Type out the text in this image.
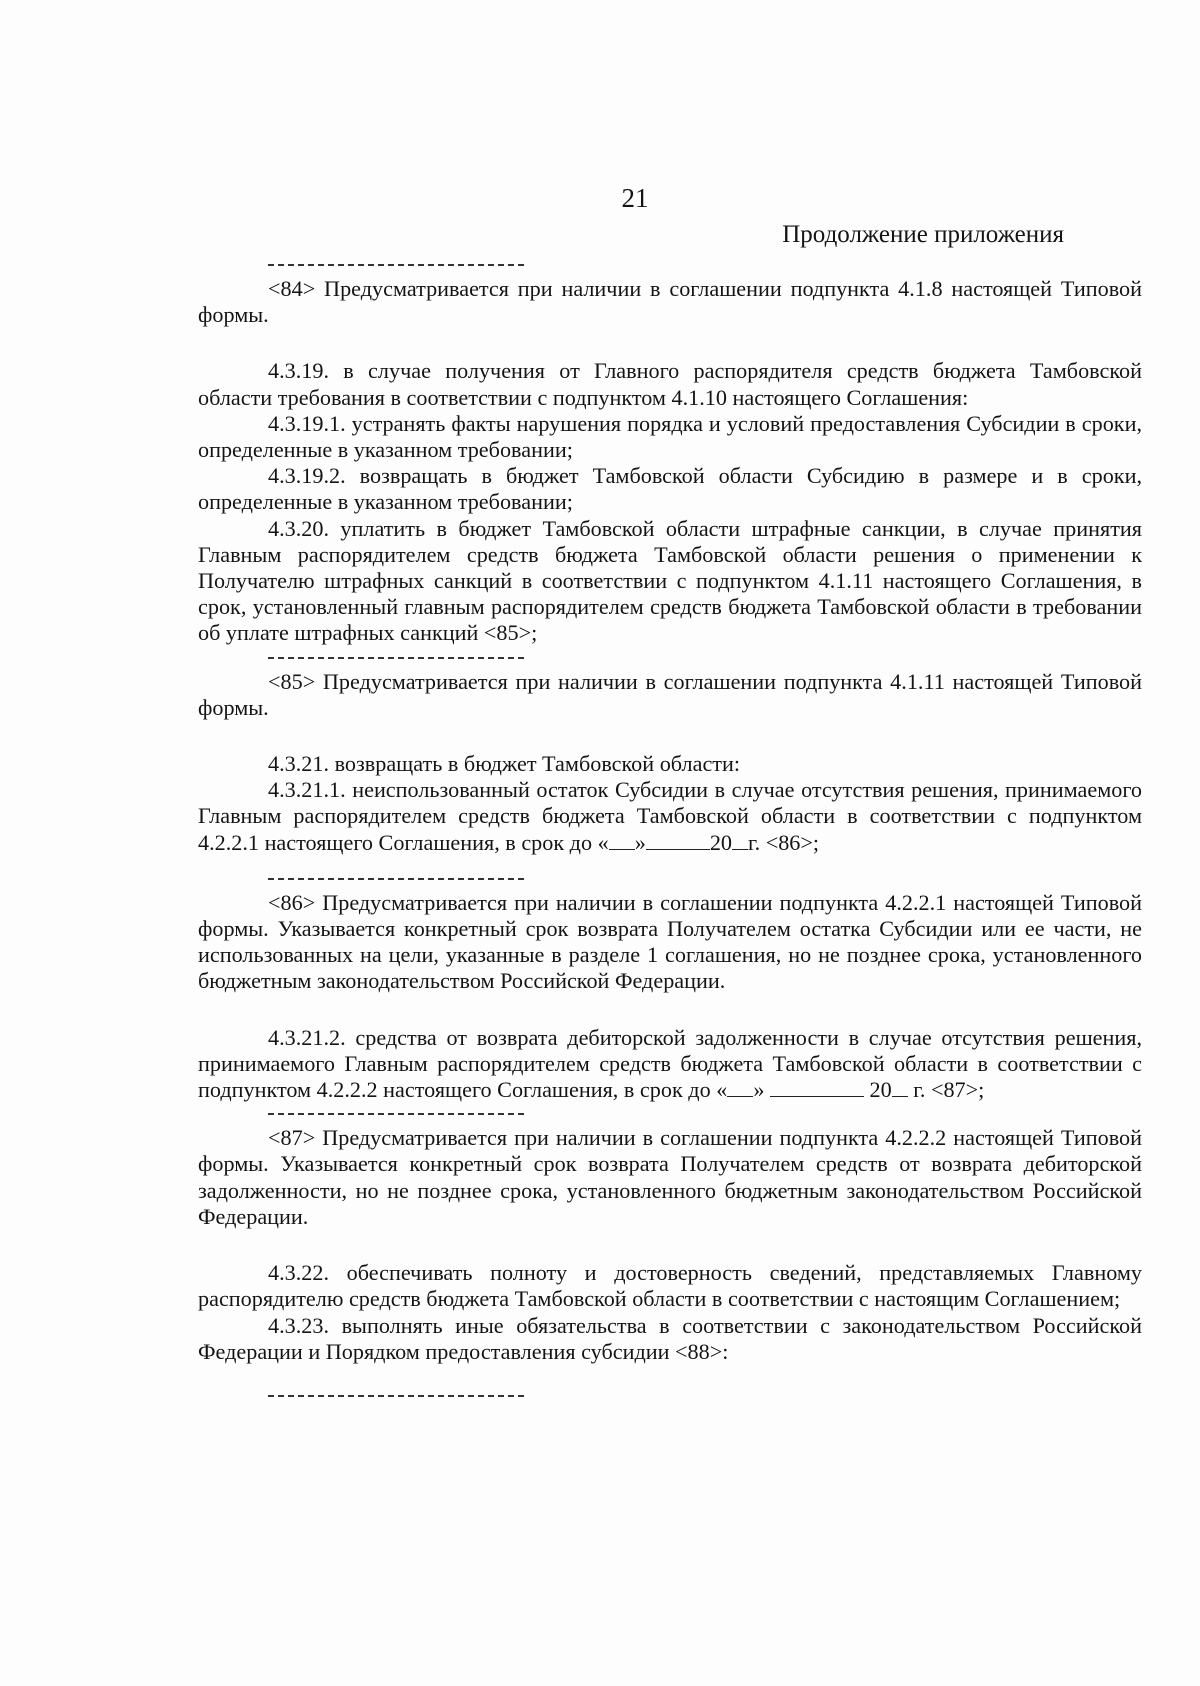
21
Продолжение приложения

<84> Предусматривается при наличии в соглашении подпункта 4.1.8 настоящей Типовой формы.

4.3.19. в случае получения от Главного распорядителя средств бюджета Тамбовской области требования в соответствии с подпунктом 4.1.10 настоящего Соглашения:

4.3.19.1. устранять факты нарушения порядка и условий предоставления Субсидии в сроки, определенные в указанном требовании;

4.3.19.2. возвращать в бюджет Тамбовской области Субсидию в размере и в сроки, определенные в указанном требовании;

4.3.20. уплатить в бюджет Тамбовской области штрафные санкции, в случае принятия Главным распорядителем средств бюджета Тамбовской области решения о применении к Получателю штрафных санкций в соответствии с подпунктом 4.1.11 настоящего Соглашения, в срок, установленный главным распорядителем средств бюджета Тамбовской области в требовании об уплате штрафных санкций <85>;

<85> Предусматривается при наличии в соглашении подпункта 4.1.11 настоящей Типовой формы.

4.3.21. возвращать в бюджет Тамбовской области:

4.3.21.1. неиспользованный остаток Субсидии в случае отсутствия решения, принимаемого Главным распорядителем средств бюджета Тамбовской области в соответствии с подпунктом 4.2.2.1 настоящего Соглашения, в срок до « »	20 г. <86>;

<86> Предусматривается при наличии в соглашении подпункта 4.2.2.1 настоящей Типовой формы. Указывается конкретный срок возврата Получателем остатка Субсидии или ее части, не использованных на цели, указанные в разделе 1 соглашения, но не позднее срока, установленного бюджетным законодательством Российской Федерации.

4.3.21.2. средства от возврата дебиторской задолженности в случае отсутствия решения, принимаемого Главным распорядителем средств бюджета Тамбовской области в соответствии с подпунктом 4.2.2.2 настоящего Соглашения, в срок до « »	20 г. <87>;

<87> Предусматривается при наличии в соглашении подпункта 4.2.2.2 настоящей Типовой формы. Указывается конкретный срок возврата Получателем средств от возврата дебиторской задолженности, но не позднее срока, установленного бюджетным законодательством Российской Федерации.

4.3.22. обеспечивать полноту и достоверность сведений, представляемых Главному распорядителю средств бюджета Тамбовской области в соответствии с настоящим Соглашением;

4.3.23. выполнять иные обязательства в соответствии с законодательством Российской Федерации и Порядком предоставления субсидии <88>:
